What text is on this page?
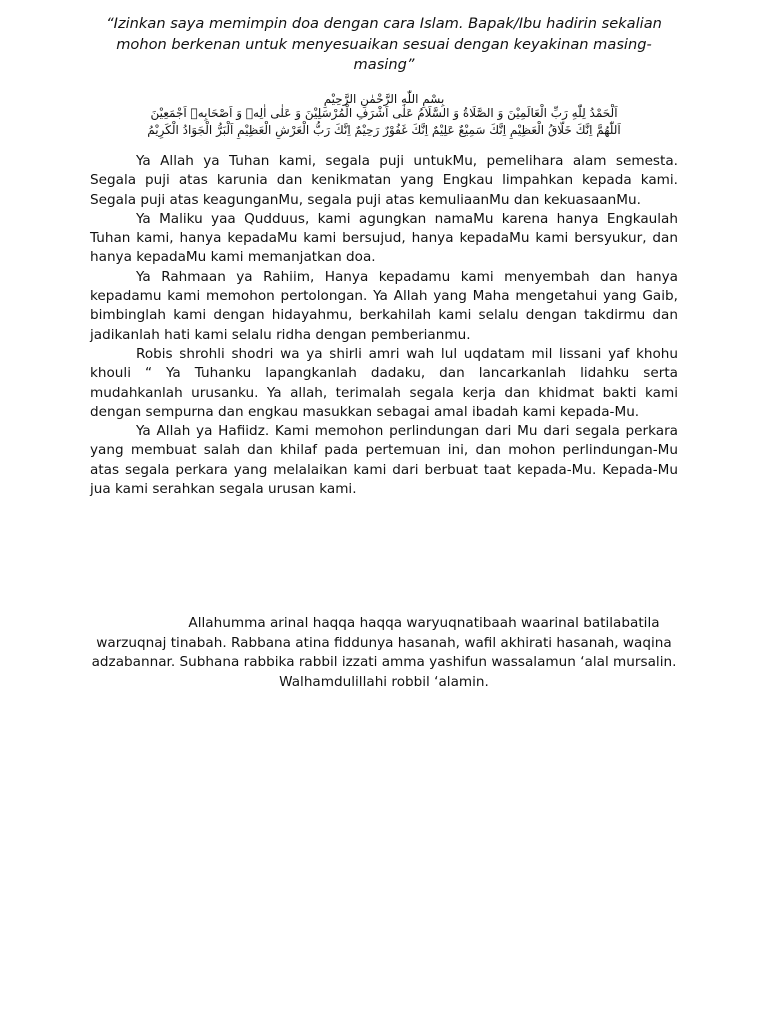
“Izinkan saya memimpin doa dengan cara Islam. Bapak/Ibu hadirin sekalian mohon berkenan untuk menyesuaikan sesuai dengan keyakinan masing-masing”
بِسْمِ اللّٰهِ الرَّحْمٰنِ الرَّحِيْمِ
اَلْحَمْدُ لِلّٰهِ رَبِّ الْعَالَمِيْنَ وَ الصَّلَاةُ وَ السَّلَامُ عَلٰى اَشْرَفِ الْمُرْسَلِيْنَ وَ عَلٰى اٰلِهٖ وَ اَصْحَابِهٖ اَجْمَعِيْنَ
اَللّٰهُمَّ اِنَّكَ خَلَّاقُ الْعَظِيْمِ اِنَّكَ سَمِيْعٌ عَلِيْمٌ اِنَّكَ غَفُوْرٌ رَحِيْمٌ اِنَّكَ رَبُّ الْعَرْشِ الْعَظِيْمِ اَلْبَرُّ الْجَوَادُ الْكَرِيْمُ

Ya Allah ya Tuhan kami, segala puji untukMu, pemelihara alam semesta. Segala puji atas karunia dan kenikmatan yang Engkau limpahkan kepada kami. Segala puji atas keagunganMu, segala puji atas kemuliaanMu dan kekuasaanMu.

Ya Maliku yaa Qudduus, kami agungkan namaMu karena hanya Engkaulah Tuhan kami, hanya kepadaMu kami bersujud, hanya kepadaMu kami bersyukur, dan hanya kepadaMu kami memanjatkan doa.

Ya Rahmaan ya Rahiim, Hanya kepadamu kami menyembah dan hanya kepadamu kami memohon pertolongan. Ya Allah yang Maha mengetahui yang Gaib, bimbinglah kami dengan hidayahmu, berkahilah kami selalu dengan takdirmu dan jadikanlah hati kami selalu ridha dengan pemberianmu.

Robis shrohli shodri wa ya shirli amri wah lul uqdatam mil lissani yaf khohu khouli “ Ya Tuhanku lapangkanlah dadaku, dan lancarkanlah lidahku serta mudahkanlah urusanku. Ya allah, terimalah segala kerja dan khidmat bakti kami dengan sempurna dan engkau masukkan sebagai amal ibadah kami kepada-Mu.

Ya Allah ya Hafiidz. Kami memohon perlindungan dari Mu dari segala perkara yang membuat salah dan khilaf pada pertemuan ini, dan mohon perlindungan-Mu atas segala perkara yang melalaikan kami dari berbuat taat kepada-Mu. Kepada-Mu jua kami serahkan segala urusan kami.

Allahumma arinal haqqa haqqa waryuqnatibaah waarinal batilabatila warzuqnaj tinabah. Rabbana atina fiddunya hasanah, wafil akhirati hasanah, waqina adzabannar. Subhana rabbika rabbil izzati amma yashifun wassalamun ‘alal mursalin. Walhamdulillahi robbil ‘alamin.
